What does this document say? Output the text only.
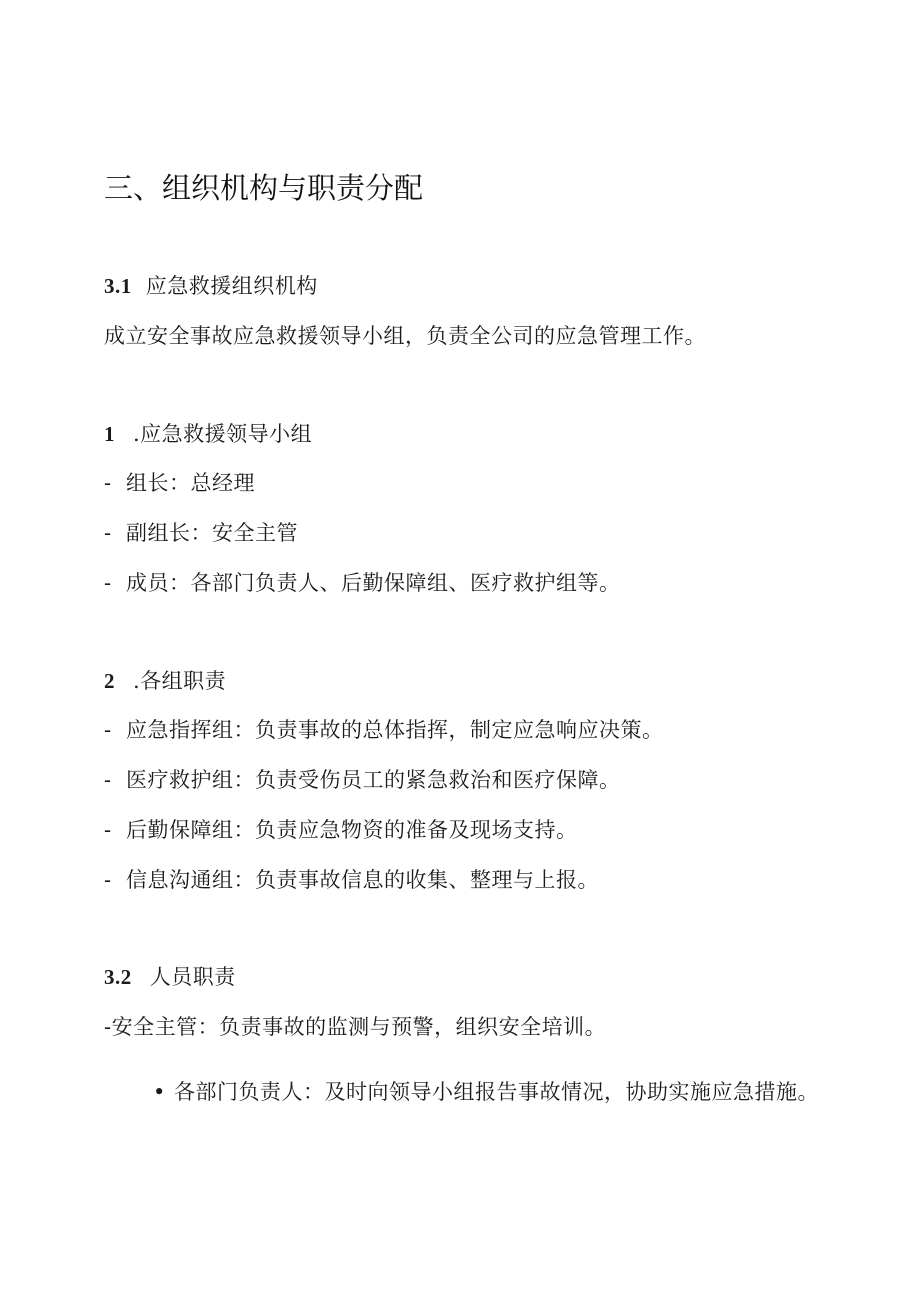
三、组织机构与职责分配
3.1 应急救援组织机构
成立安全事故应急救援领导小组，负责全公司的应急管理工作。
1 .应急救援领导小组
- 组长：总经理
- 副组长：安全主管
- 成员：各部门负责人、后勤保障组、医疗救护组等。
2 .各组职责
- 应急指挥组：负责事故的总体指挥，制定应急响应决策。
- 医疗救护组：负责受伤员工的紧急救治和医疗保障。
- 后勤保障组：负责应急物资的准备及现场支持。
- 信息沟通组：负责事故信息的收集、整理与上报。
3.2 人员职责
-安全主管：负责事故的监测与预警，组织安全培训。
• 各部门负责人：及时向领导小组报告事故情况，协助实施应急措施。
